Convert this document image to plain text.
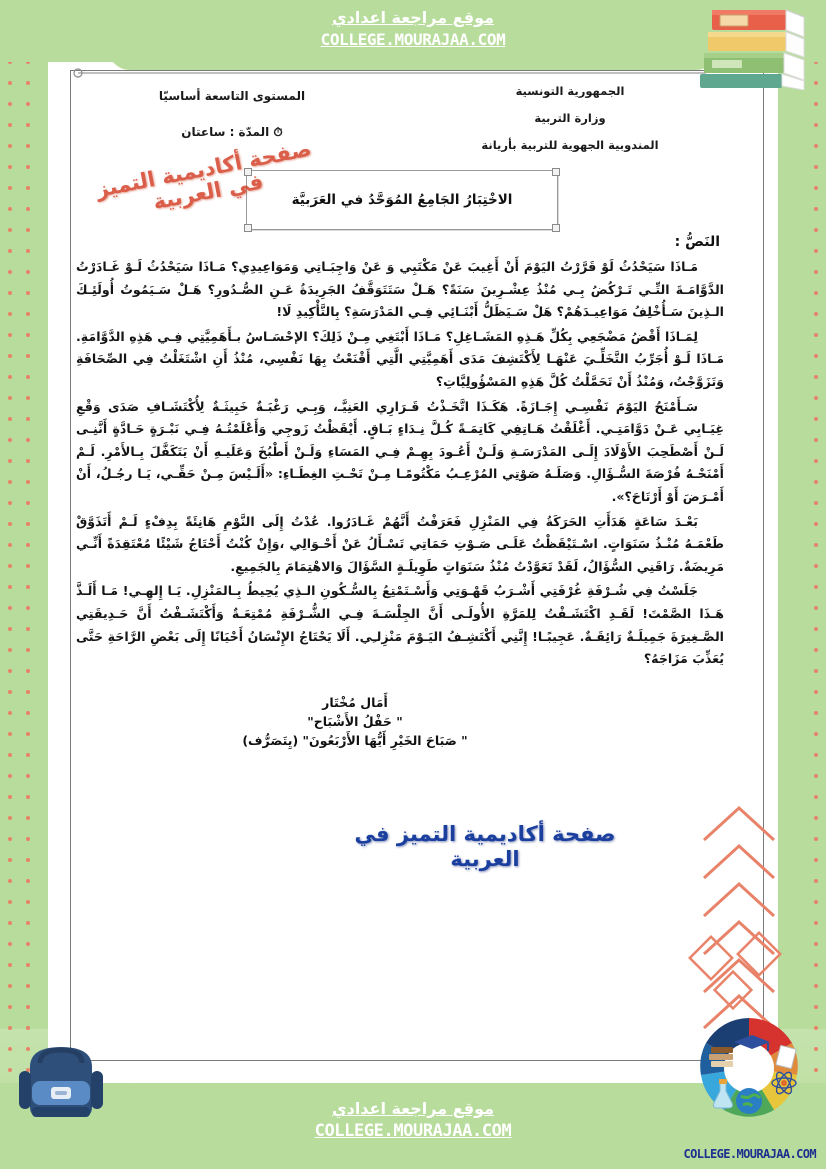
الجمهورية التونسية
وزارة التربية
المندوبية الجهوية للتربية بأريانة
المستوى التاسعة أساسيّا
⏱ المدّة : ساعتان
الاخْتِبَارُ الجَامِعُ المُوَحَّدُ في العَرَبيَّة
النَصُّ :

مَـاذَا سَيَحْدُثُ لَوْ قَرَّرْتُ اليَوْمَ أَنْ أَغِيبَ عَنْ مَكْتَبِي وَ عَنْ وَاجِبَـاتِي وَمَوَاعِيدِي؟ مَـاذَا سَيَحْدُثُ لَـوْ غَـادَرْتُ الدَّوَّامَـةَ التِّـي تَـرْكُضُ بِـي مُنْذُ عِشْـرِينَ سَنَةً؟ هَـلْ سَتَتَوَقَّفُ الجَرِيدَةُ عَـنِ الصُّـدُورِ؟ هَـلْ سَـيَمُوتُ أُولَئِـكَ الـذِينَ سَـأُخْلِفُ مَوَاعِيـدَهُمْ؟ هَلْ سَـيَظَلُّ أَبْنَـائِي فِـي المَدْرَسَةِ؟ بِالتَّأْكِيدِ لَا!

لِمَـاذَا أَقْضُ مَضْجَعِي بِكُلِّ هَـذِهِ المَشَـاغِلِ؟ مَـاذَا أَبْتَغِي مِـنْ ذَلِكَ؟ الإحْسَـاسُ بـأَهَمِيَّتِي فِـي هَذِهِ الدَّوَّامَةِ. مَـاذَا لَـوْ أُجَرِّبُ التَّخَلِّـيَ عَنْهَـا لِأَكْتَشِفَ مَدَى أَهَمِيَّتِي الَّتِي أَقْنَعْتُ بِهَا نَفْسِي، مُنْذُ أَنِ اشْتَغَلْتُ فِي الصِّحَافَةِ وَتَزَوَّجْتُ، وَمُنْذُ أَنْ تَحَمَّلْتُ كُلَّ هَذِهِ المَسْؤُولِيَّاتِ؟

سَـأَمْنَحُ اليَوْمَ نَفْسِـي إِجَـازَةً. هَكَـذَا اتَّخَـذْتُ قَـرَارِي العَنِيَّـ، وَبِـي رَغْبَـةٌ خَبِيثَـةٌ لِأُكْتَشَـافِ صَدَى وَقْعِ غِيَـابِي عَـنْ دَوَّامَتِـي. أَغْلَقْتُ هَـاتِفِي كَاتِمَـةً كُـلَّ نِـدَاءٍ بَـاقٍ. أَيْقَظْتُ زَوجِي وَأَعْلَمْتُـهُ فِـي نَبْـرَةٍ حَـادَّةٍ أَنَّنِـى لَـنْ أَصْطَحِبَ الأَوْلَادَ إِلَـى المَدْرَسَـةِ وَلَـنْ أَعُـودَ بِهِـمْ فِـي المَسَاءِ وَلَـنْ أَطْبُخَ وَعَلَيـهِ أَنْ يَتَكَفَّلَ بِـالأَمْرِ. لَـمْ أَمْنَحْـهُ فُرْصَةَ السُّـؤَالِ. وَصَلَـهُ صَوْتِي المُرْعِـبُ مَكْتُومًـا مِـنْ تَحْـتِ الغِطَـاءِ: «أَلَـيْسَ مِـنْ حَقِّـي، يَـا رجُـلُ، أَنْ أَمْـرَضَ أَوْ أَرْتَاحَ؟».

بَعْـدَ سَاعَةٍ هَدَأَتِ الحَرَكَةُ فِي المَنْزِلِ فَعَرَفْتُ أَنَّهُمْ غَـادَرُوا. عُدْتُ إِلَى النَّوْمِ هَانِئَةً بِدِفْءٍ لَـمْ أَتَذَوَّقْ طَعْمَـهُ مُنْـذُ سَنَوَاتٍ. اسْـتَيْقَظْتُ عَلَـى صَـوْتِ حَمَاتِي تَسْـأَلُ عَنْ أَحْـوَالِي ،وَإِنْ كُنْتُ أَحْتَاجُ شَيْئًا مُعْتَقِدَةً أَنِّـي مَرِيضَةٌ. رَاقَنِي السُّؤَالُ، لَقَدْ تَعَوَّدْتُ مُنْذُ سَنَوَاتٍ طَوِيلَـةٍ السَّؤَالَ وَالاهْتِمَامَ بِالجَمِيعِ.

جَلَسْتُ فِي شُـرْفَةِ غُرْفَتِي أَشْـرَبُ قَهْـوَتِي وَأَسْـتَمْتِعُ بِالسُّـكُونِ الـذِي يُحِيطُ بِـالمَنْزِلِ. يَـا إِلهِـي! مَـا أَلَـذَّ هَـذَا الصَّمْتَ! لَقَـدِ اكْتَشَـفْتُ لِلمَرَّةِ الأُولَـى أَنَّ الجِلْسَـةَ فِـي الشُّـرْفَةِ مُمْتِعَـةٌ وَأَكْتَشَـفْتُ أَنَّ حَـدِيقَتِي الصَّـغِيرَةَ جَمِيلَـةٌ رَائِقَـةٌ. عَجِيبًـا! إِنَّنِي أَكْتَشِـفُ اليَـوْمَ مَنْزِلـِي. أَلَا يَحْتَاجُ الإِنْسَانُ أَحْيَانًا إِلَى بَعْضِ الرَّاحَةِ حَتَّى يُعَذِّبَ مَزَاجَهُ؟

أَمَال مُخْتَار
" حَفْلُ الأَشْبَاح"
" صَبَاحَ الخَيْرِ أَيُّهَا الأَرْبَعُونَ" (يِتَصَرُّف)
صفحة أكاديمية التميز في العربية
صفحة أكاديمية التميز في العربية
موقع مراجعة اعدادي
COLLEGE.MOURAJAA.COM
موقع مراجعة اعدادي
COLLEGE.MOURAJAA.COM
COLLEGE.MOURAJAA.COM
